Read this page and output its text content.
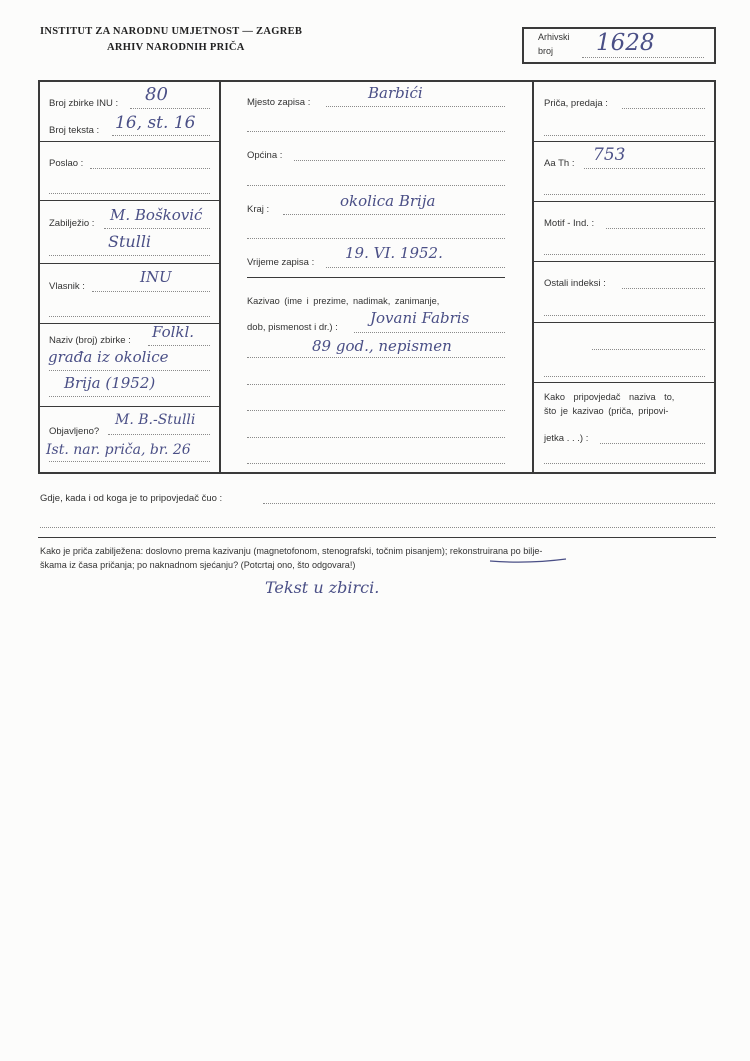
INSTITUT ZA NARODNU UMJETNOST — ZAGREB
ARHIV NARODNIH PRIČA
Arhivski
broj 1628
Broj zbirke INU : 80
Broj teksta : 16, st. 16
Poslao :
Zabilježio : M. Bošković
Stulli
Vlasnik :
INU
Naziv (broj) zbirke : Folkl.
građa iz okolice
Brija (1952)
Objavljeno?
M. B.-Stulli
Ist. nar. priča, br. 26
Mjesto zapisa :
Barbići
Općina :
Kraj :	okolica Brija
Vrijeme zapisa :
19. VI. 1952.
Kazivao (ime i prezime, nadimak, zanimanje,
dob, pismenost i dr.) :
Jovani Fabris
89 god., nepismen
Priča, predaja :
Aa Th : 753
Motif - Ind. :
Ostali indeksi :
Kako pripovjedač naziva to,
što je kazivao (priča, pripovi-
jetka . . .) :
Gdje, kada i od koga je to pripovjedač čuo :
Kako je priča zabilježena: doslovno prema kazivanju (magnetofonom, stenografski, točnim pisanjem); rekonstruirana po bilje-
škama iz časa pričanja; po naknadnom sjećanju? (Potcrtaj ono, što odgovara!)
Tekst u zbirci.
